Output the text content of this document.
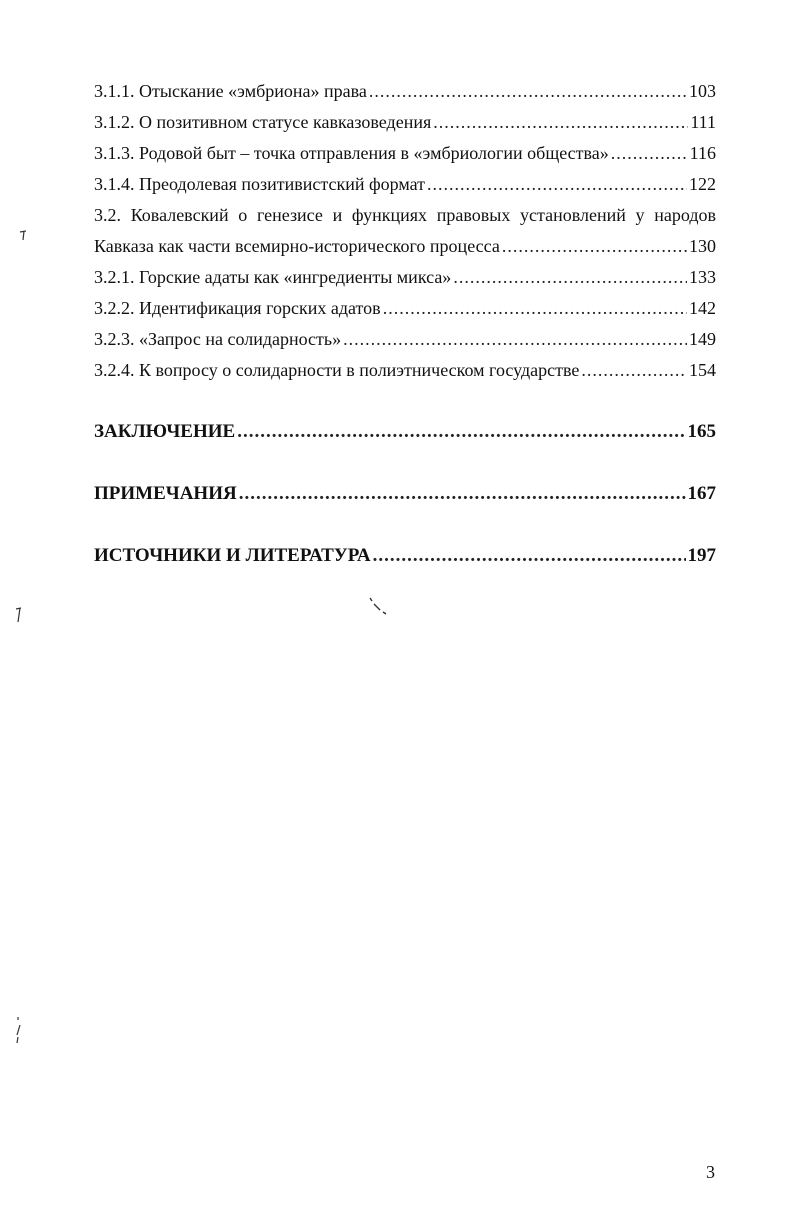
3.1.1. Отыскание «эмбриона» права .....	103
3.1.2. О позитивном статусе кавказоведения .....	111
3.1.3. Родовой быт – точка отправления в «эмбриологии общества» .....	116
3.1.4. Преодолевая позитивистский формат .....	122
3.2. Ковалевский о генезисе и функциях правовых установлений у народов
Кавказа как части всемирно-исторического процесса .....	130
3.2.1. Горские адаты как «ингредиенты микса» .....	133
3.2.2. Идентификация горских адатов .....	142
3.2.3. «Запрос на солидарность» .....	149
3.2.4. К вопросу о солидарности в полиэтническом государстве .....	154
ЗАКЛЮЧЕНИЕ .....	165
ПРИМЕЧАНИЯ .....	167
ИСТОЧНИКИ И ЛИТЕРАТУРА .....	197
3
